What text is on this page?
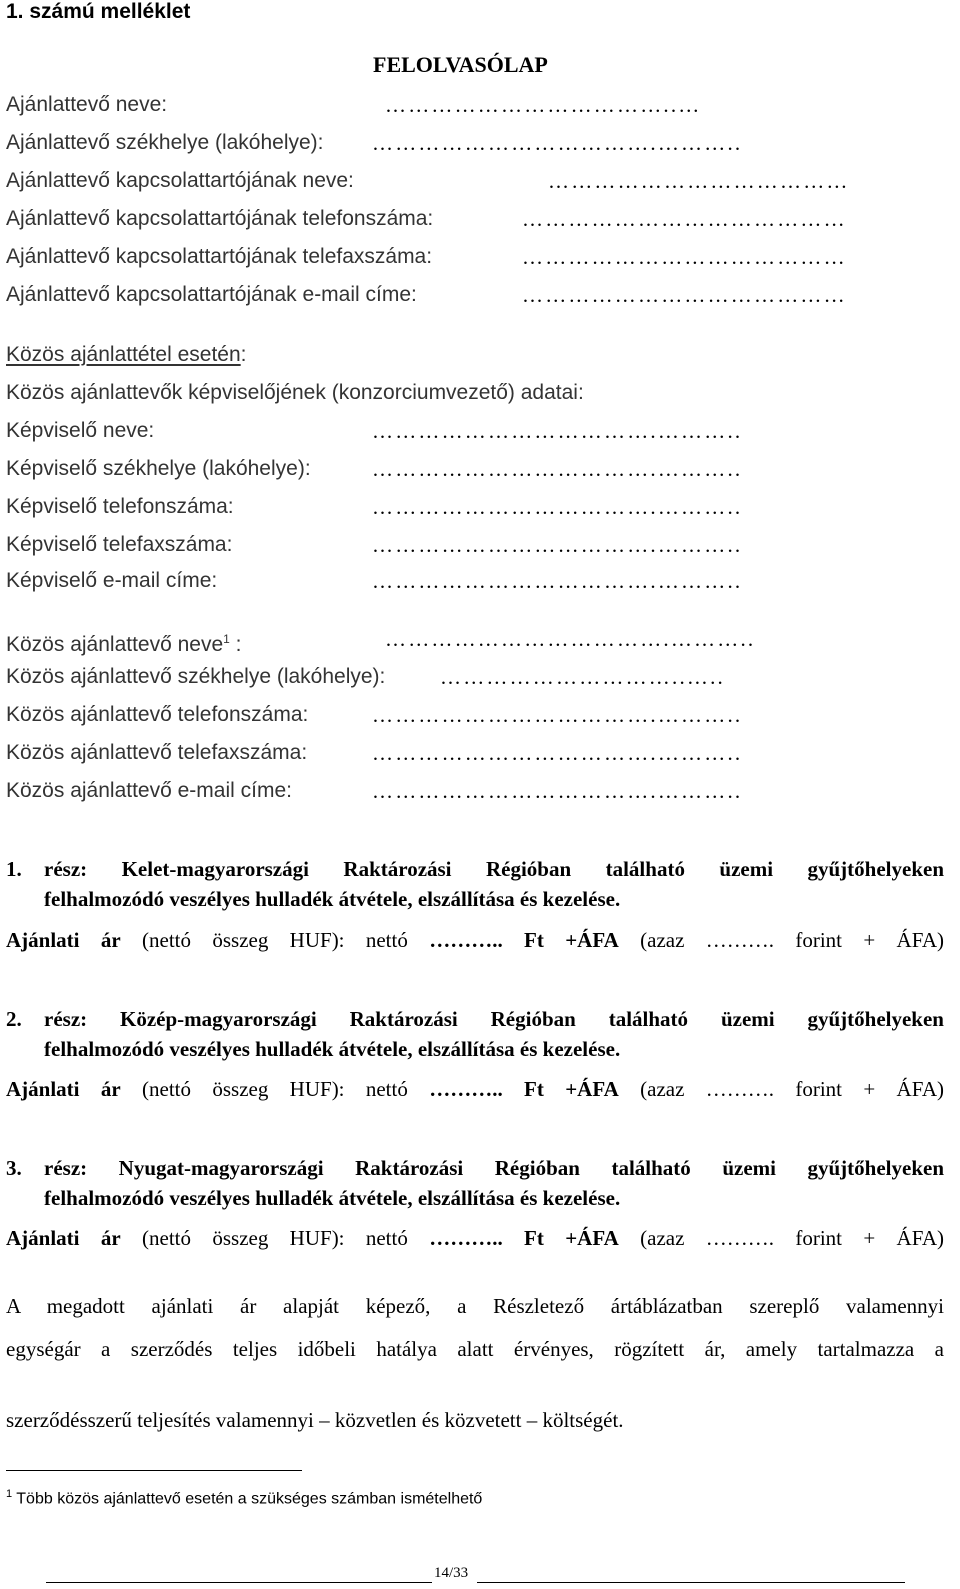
1. számú melléklet
FELOLVASÓLAP
Ajánlattevő neve:	………………………………..…
Ajánlattevő székhelye (lakóhelye): ……………………………….………..
Ajánlattevő kapcsolattartójának neve:	…………………………………
Ajánlattevő kapcsolattartójának telefonszáma:	……………………………………
Ajánlattevő kapcsolattartójának telefaxszáma:	……………………………………
Ajánlattevő kapcsolattartójának e-mail címe:	……………………………………
Közös ajánlattétel esetén:
Közös ajánlattevők képviselőjének (konzorciumvezető) adatai:
Képviselő neve:	……………………………….………..
Képviselő székhelye (lakóhelye):	……………………………….………..
Képviselő telefonszáma:	……………………………….………..
Képviselő telefaxszáma:	……………………………….………..
Képviselő e-mail címe:	……………………………….………..
Közös ajánlattevő neve$^1$ :	……………………………….………..
Közös ajánlattevő székhelye (lakóhelye):	…………………………..…..
Közös ajánlattevő telefonszáma:	……………………………….………..
Közös ajánlattevő telefaxszáma:	……………………………….………..
Közös ajánlattevő e-mail címe:	……………………………….………..
1. rész: Kelet-magyarországi Raktározási Régióban található üzemi gyűjtőhelyeken
felhalmozódó veszélyes hulladék átvétele, elszállítása és kezelése.
Ajánlati ár (nettó összeg HUF): nettó ……….. Ft +ÁFA (azaz ………. forint + ÁFA)
2. rész: Közép-magyarországi Raktározási Régióban található üzemi gyűjtőhelyeken
felhalmozódó veszélyes hulladék átvétele, elszállítása és kezelése.
Ajánlati ár (nettó összeg HUF): nettó ……….. Ft +ÁFA (azaz ………. forint + ÁFA)
3. rész: Nyugat-magyarországi Raktározási Régióban található üzemi gyűjtőhelyeken
felhalmozódó veszélyes hulladék átvétele, elszállítása és kezelése.
Ajánlati ár (nettó összeg HUF): nettó ……….. Ft +ÁFA (azaz ………. forint + ÁFA)
A megadott ajánlati ár alapját képező, a Részletező ártáblázatban szereplő valamennyi
egységár a szerződés teljes időbeli hatálya alatt érvényes, rögzített ár, amely tartalmazza a
szerződésszerű teljesítés valamennyi – közvetlen és közvetett – költségét.
$^1$ Több közös ajánlattevő esetén a szükséges számban ismételhető
14/33
